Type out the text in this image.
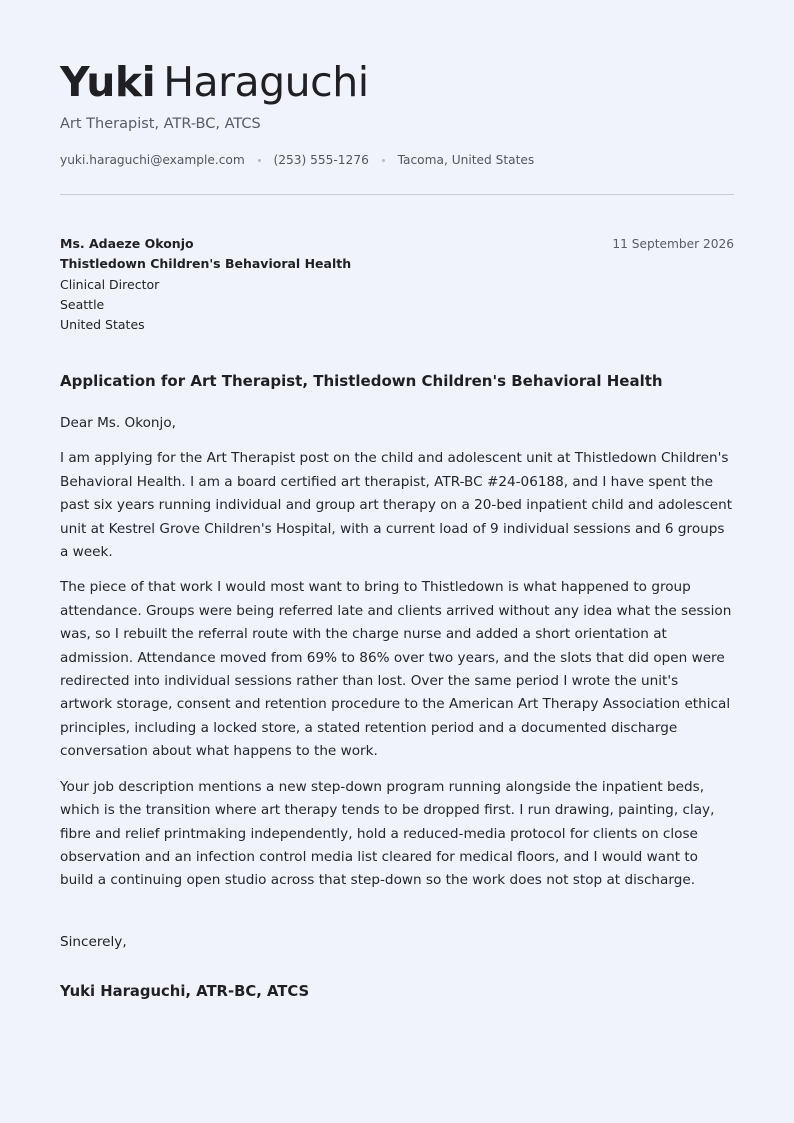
Yuki Haraguchi
Art Therapist, ATR-BC, ATCS
yuki.haraguchi@example.com (253) 555-1276 Tacoma, United States
Ms. Adaeze Okonjo
Thistledown Children's Behavioral Health
Clinical Director
Seattle
United States
11 September 2026
Application for Art Therapist, Thistledown Children's Behavioral Health

Dear Ms. Okonjo,

I am applying for the Art Therapist post on the child and adolescent unit at Thistledown Children's Behavioral Health. I am a board certified art therapist, ATR-BC #24-06188, and I have spent the past six years running individual and group art therapy on a 20-bed inpatient child and adolescent unit at Kestrel Grove Children's Hospital, with a current load of 9 individual sessions and 6 groups a week.

The piece of that work I would most want to bring to Thistledown is what happened to group attendance. Groups were being referred late and clients arrived without any idea what the session was, so I rebuilt the referral route with the charge nurse and added a short orientation at admission. Attendance moved from 69% to 86% over two years, and the slots that did open were redirected into individual sessions rather than lost. Over the same period I wrote the unit's artwork storage, consent and retention procedure to the American Art Therapy Association ethical principles, including a locked store, a stated retention period and a documented discharge conversation about what happens to the work.

Your job description mentions a new step-down program running alongside the inpatient beds, which is the transition where art therapy tends to be dropped first. I run drawing, painting, clay, fibre and relief printmaking independently, hold a reduced-media protocol for clients on close observation and an infection control media list cleared for medical floors, and I would want to build a continuing open studio across that step-down so the work does not stop at discharge.

Sincerely,
Yuki Haraguchi, ATR-BC, ATCS
